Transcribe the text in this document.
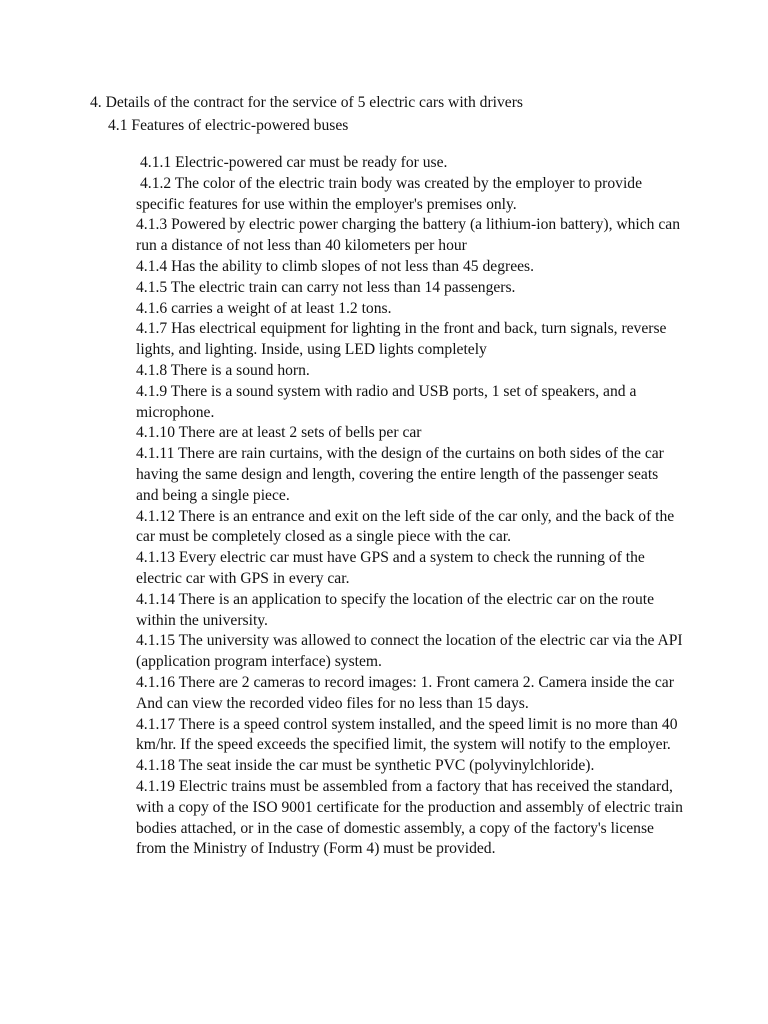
4. Details of the contract for the service of 5 electric cars with drivers
4.1 Features of electric-powered buses

4.1.1 Electric-powered car must be ready for use.

4.1.2 The color of the electric train body was created by the employer to provide specific features for use within the employer's premises only.

4.1.3 Powered by electric power charging the battery (a lithium-ion battery), which can run a distance of not less than 40 kilometers per hour

4.1.4 Has the ability to climb slopes of not less than 45 degrees.

4.1.5 The electric train can carry not less than 14 passengers.

4.1.6 carries a weight of at least 1.2 tons.

4.1.7 Has electrical equipment for lighting in the front and back, turn signals, reverse lights, and lighting. Inside, using LED lights completely

4.1.8 There is a sound horn.

4.1.9 There is a sound system with radio and USB ports, 1 set of speakers, and a microphone.

4.1.10 There are at least 2 sets of bells per car

4.1.11 There are rain curtains, with the design of the curtains on both sides of the car having the same design and length, covering the entire length of the passenger seats and being a single piece.

4.1.12 There is an entrance and exit on the left side of the car only, and the back of the car must be completely closed as a single piece with the car.

4.1.13 Every electric car must have GPS and a system to check the running of the electric car with GPS in every car.

4.1.14 There is an application to specify the location of the electric car on the route within the university.

4.1.15 The university was allowed to connect the location of the electric car via the API (application program interface) system.

4.1.16 There are 2 cameras to record images: 1. Front camera 2. Camera inside the car And can view the recorded video files for no less than 15 days.

4.1.17 There is a speed control system installed, and the speed limit is no more than 40 km/hr. If the speed exceeds the specified limit, the system will notify to the employer.

4.1.18 The seat inside the car must be synthetic PVC (polyvinylchloride).

4.1.19 Electric trains must be assembled from a factory that has received the standard, with a copy of the ISO 9001 certificate for the production and assembly of electric train bodies attached, or in the case of domestic assembly, a copy of the factory's license from the Ministry of Industry (Form 4) must be provided.
